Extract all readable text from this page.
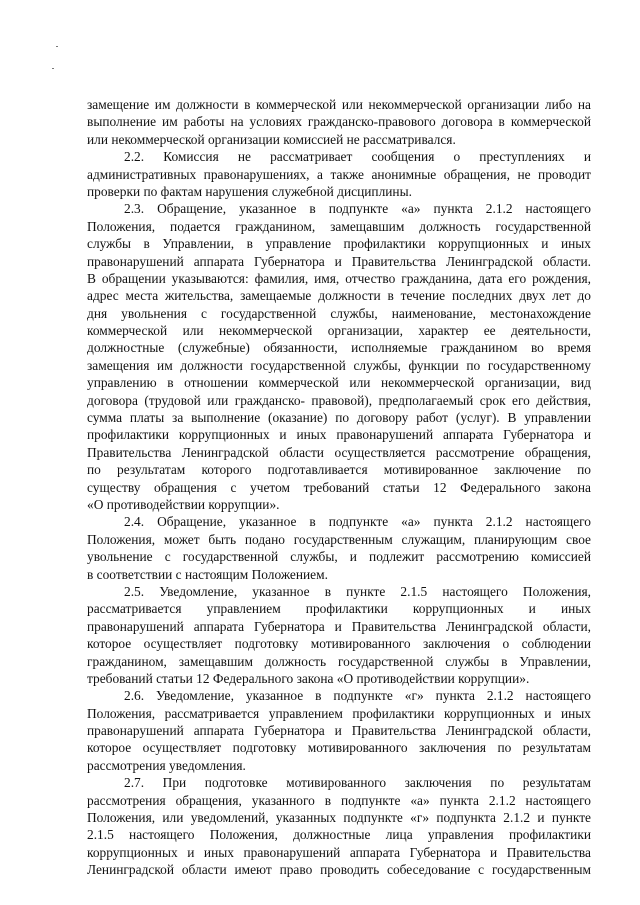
замещение им должности в коммерческой или некоммерческой организации либо на
выполнение им работы на условиях гражданско-правового договора в коммерческой
или некоммерческой организации комиссией не рассматривался.
2.2. Комиссия не рассматривает сообщения о преступлениях и
административных правонарушениях, а также анонимные обращения, не проводит
проверки по фактам нарушения служебной дисциплины.
2.3. Обращение, указанное в подпункте «а» пункта 2.1.2 настоящего
Положения, подается гражданином, замещавшим должность государственной
службы в Управлении, в управление профилактики коррупционных и иных
правонарушений аппарата Губернатора и Правительства Ленинградской области.
В обращении указываются: фамилия, имя, отчество гражданина, дата его рождения,
адрес места жительства, замещаемые должности в течение последних двух лет до
дня увольнения с государственной службы, наименование, местонахождение
коммерческой или некоммерческой организации, характер ее деятельности,
должностные (служебные) обязанности, исполняемые гражданином во время
замещения им должности государственной службы, функции по государственному
управлению в отношении коммерческой или некоммерческой организации, вид
договора (трудовой или гражданско- правовой), предполагаемый срок его действия,
сумма платы за выполнение (оказание) по договору работ (услуг). В управлении
профилактики коррупционных и иных правонарушений аппарата Губернатора и
Правительства Ленинградской области осуществляется рассмотрение обращения,
по результатам которого подготавливается мотивированное заключение по
существу обращения с учетом требований статьи 12 Федерального закона
«О противодействии коррупции».
2.4. Обращение, указанное в подпункте «а» пункта 2.1.2 настоящего
Положения, может быть подано государственным служащим, планирующим свое
увольнение с государственной службы, и подлежит рассмотрению комиссией
в соответствии с настоящим Положением.
2.5. Уведомление, указанное в пункте 2.1.5 настоящего Положения,
рассматривается управлением профилактики коррупционных и иных
правонарушений аппарата Губернатора и Правительства Ленинградской области,
которое осуществляет подготовку мотивированного заключения о соблюдении
гражданином, замещавшим должность государственной службы в Управлении,
требований статьи 12 Федерального закона «О противодействии коррупции».
2.6. Уведомление, указанное в подпункте «г» пункта 2.1.2 настоящего
Положения, рассматривается управлением профилактики коррупционных и иных
правонарушений аппарата Губернатора и Правительства Ленинградской области,
которое осуществляет подготовку мотивированного заключения по результатам
рассмотрения уведомления.
2.7. При подготовке мотивированного заключения по результатам
рассмотрения обращения, указанного в подпункте «а» пункта 2.1.2 настоящего
Положения, или уведомлений, указанных подпункте «г» подпункта 2.1.2 и пункте
2.1.5 настоящего Положения, должностные лица управления профилактики
коррупционных и иных правонарушений аппарата Губернатора и Правительства
Ленинградской области имеют право проводить собеседование с государственным
